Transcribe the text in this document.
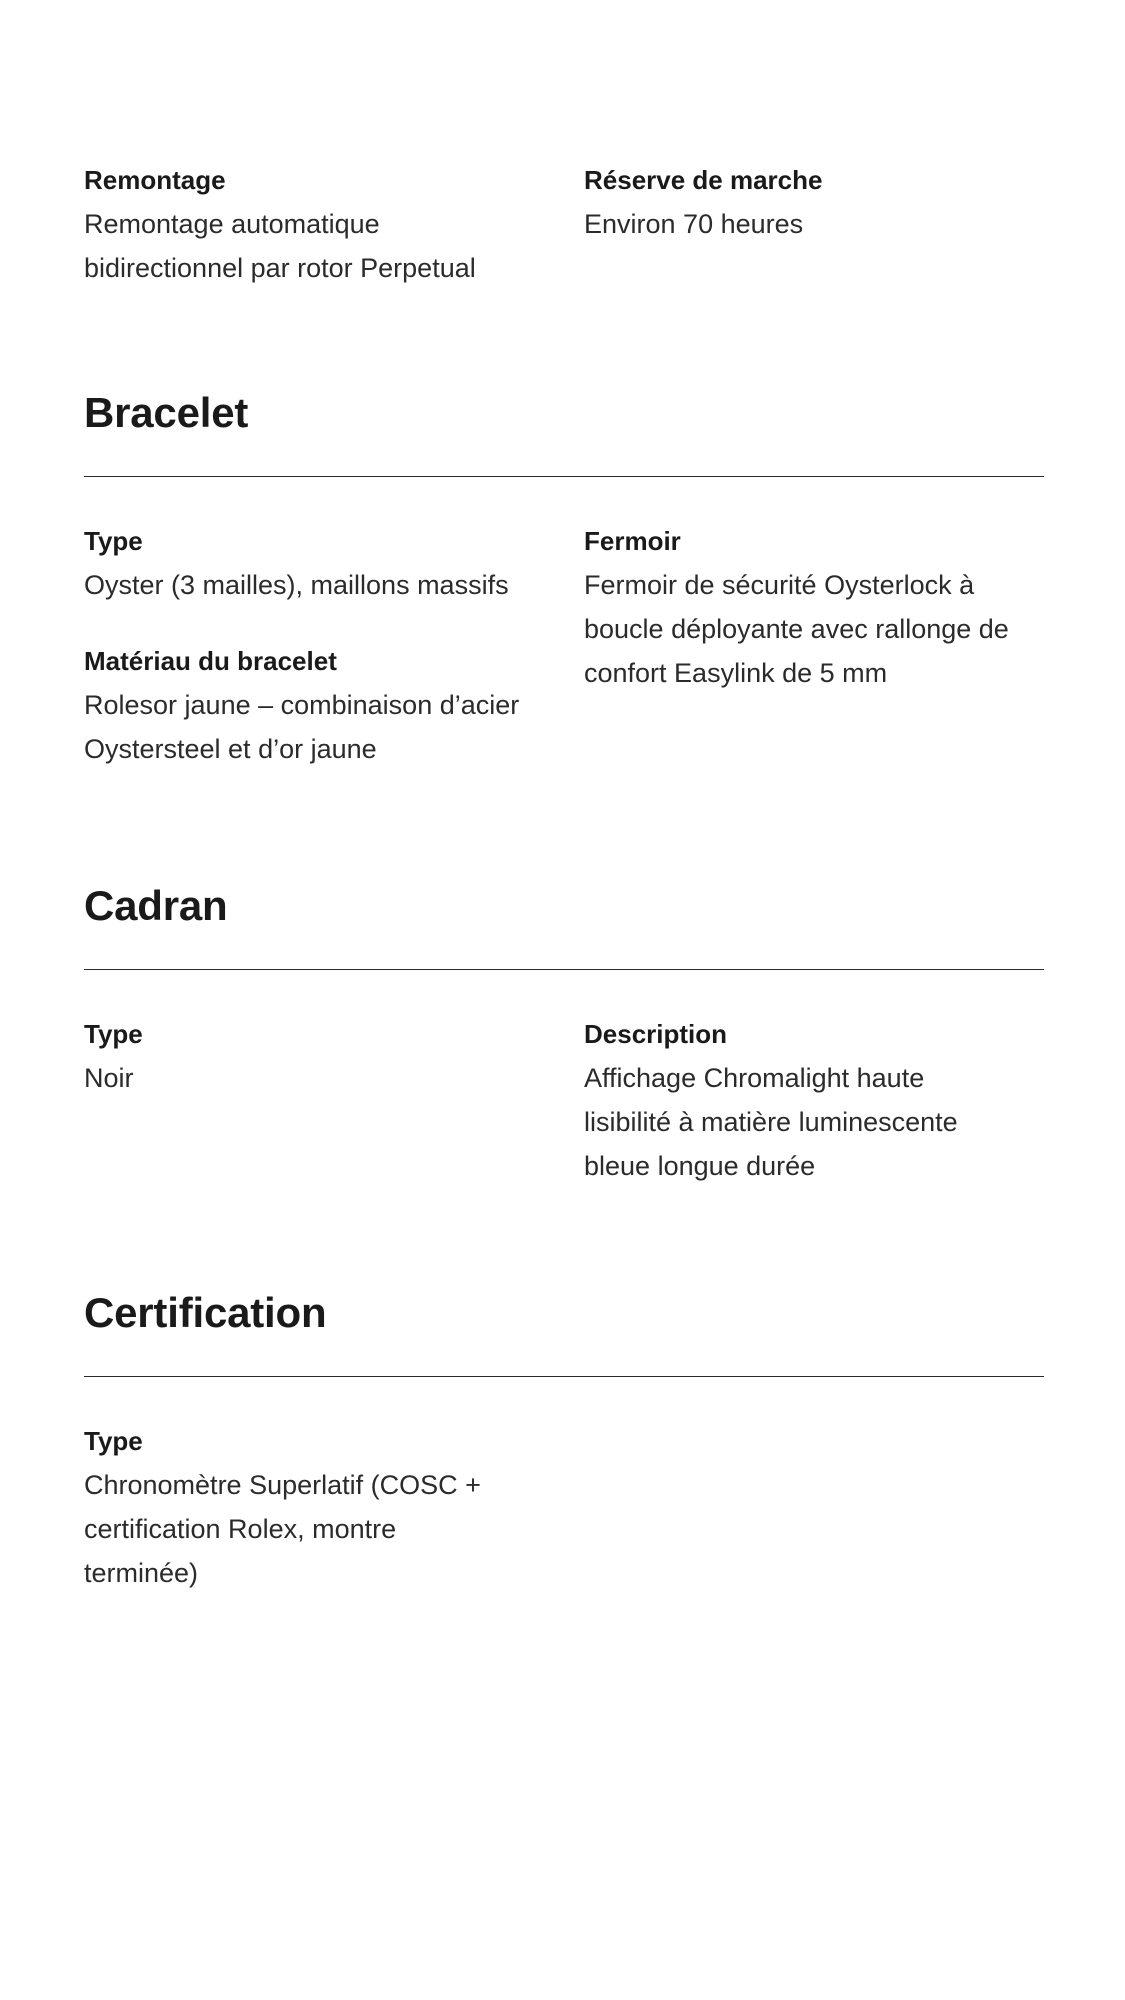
Remontage
Remontage automatique bidirectionnel par rotor Perpetual
Réserve de marche
Environ 70 heures
Bracelet
Type
Oyster (3 mailles), maillons massifs
Matériau du bracelet
Rolesor jaune – combinaison d’acier Oystersteel et d’or jaune
Fermoir
Fermoir de sécurité Oysterlock à boucle déployante avec rallonge de confort Easylink de 5 mm
Cadran
Type
Noir
Description
Affichage Chromalight haute lisibilité à matière luminescente bleue longue durée
Certification
Type
Chronomètre Superlatif (COSC + certification Rolex, montre terminée)
